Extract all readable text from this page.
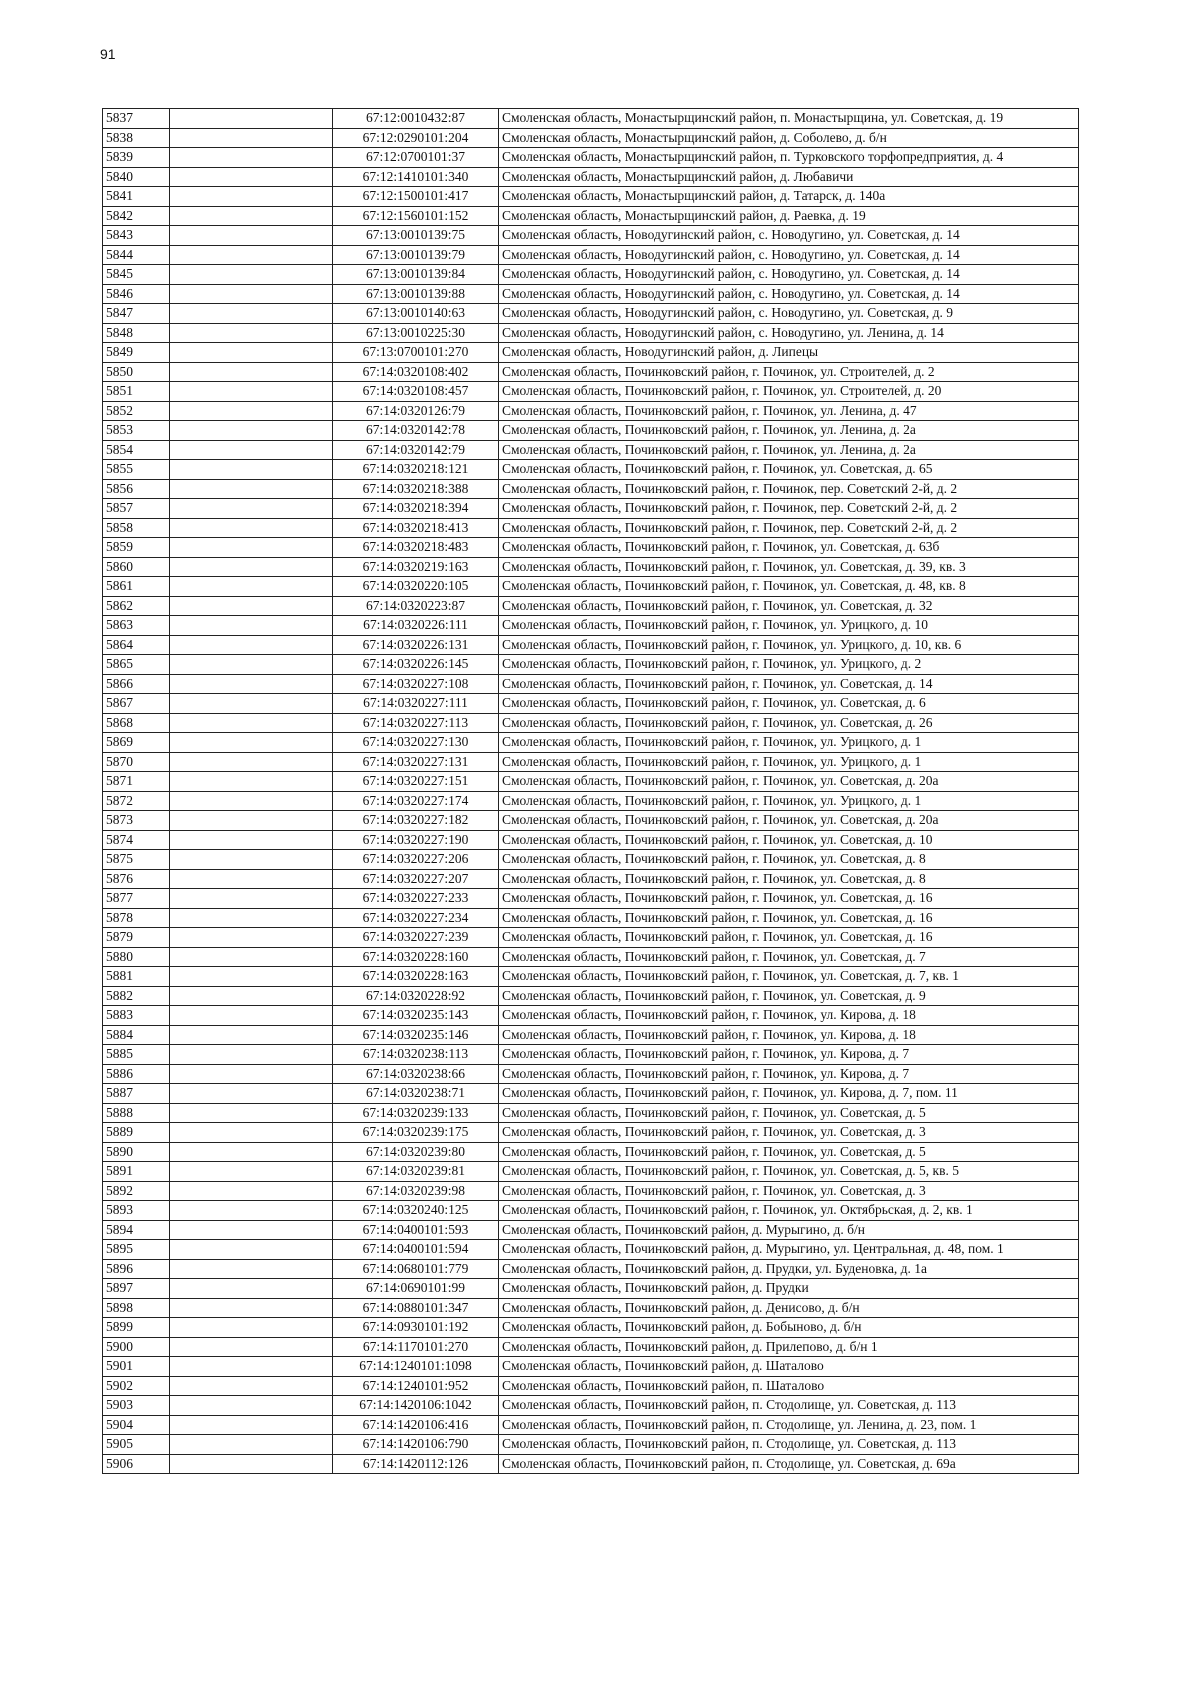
91
5837		67:12:0010432:87	Смоленская область, Монастырщинский район, п. Монастырщина, ул. Советская, д. 19
5838		67:12:0290101:204	Смоленская область, Монастырщинский район, д. Соболево, д. б/н
5839		67:12:0700101:37	Смоленская область, Монастырщинский район, п. Турковского торфопредприятия, д. 4
5840		67:12:1410101:340	Смоленская область, Монастырщинский район, д. Любавичи
5841		67:12:1500101:417	Смоленская область, Монастырщинский район, д. Татарск, д. 140а
5842		67:12:1560101:152	Смоленская область, Монастырщинский район, д. Раевка, д. 19
5843		67:13:0010139:75	Смоленская область, Новодугинский район, с. Новодугино, ул. Советская, д. 14
5844		67:13:0010139:79	Смоленская область, Новодугинский район, с. Новодугино, ул. Советская, д. 14
5845		67:13:0010139:84	Смоленская область, Новодугинский район, с. Новодугино, ул. Советская, д. 14
5846		67:13:0010139:88	Смоленская область, Новодугинский район, с. Новодугино, ул. Советская, д. 14
5847		67:13:0010140:63	Смоленская область, Новодугинский район, с. Новодугино, ул. Советская, д. 9
5848		67:13:0010225:30	Смоленская область, Новодугинский район, с. Новодугино, ул. Ленина, д. 14
5849		67:13:0700101:270	Смоленская область, Новодугинский район, д. Липецы
5850		67:14:0320108:402	Смоленская область, Починковский район, г. Починок, ул. Строителей, д. 2
5851		67:14:0320108:457	Смоленская область, Починковский район, г. Починок, ул. Строителей, д. 20
5852		67:14:0320126:79	Смоленская область, Починковский район, г. Починок, ул. Ленина, д. 47
5853		67:14:0320142:78	Смоленская область, Починковский район, г. Починок, ул. Ленина, д. 2а
5854		67:14:0320142:79	Смоленская область, Починковский район, г. Починок, ул. Ленина, д. 2а
5855		67:14:0320218:121	Смоленская область, Починковский район, г. Починок, ул. Советская, д. 65
5856		67:14:0320218:388	Смоленская область, Починковский район, г. Починок, пер. Советский 2-й, д. 2
5857		67:14:0320218:394	Смоленская область, Починковский район, г. Починок, пер. Советский 2-й, д. 2
5858		67:14:0320218:413	Смоленская область, Починковский район, г. Починок, пер. Советский 2-й, д. 2
5859		67:14:0320218:483	Смоленская область, Починковский район, г. Починок, ул. Советская, д. 63б
5860		67:14:0320219:163	Смоленская область, Починковский район, г. Починок, ул. Советская, д. 39, кв. 3
5861		67:14:0320220:105	Смоленская область, Починковский район, г. Починок, ул. Советская, д. 48, кв. 8
5862		67:14:0320223:87	Смоленская область, Починковский район, г. Починок, ул. Советская, д. 32
5863		67:14:0320226:111	Смоленская область, Починковский район, г. Починок, ул. Урицкого, д. 10
5864		67:14:0320226:131	Смоленская область, Починковский район, г. Починок, ул. Урицкого, д. 10, кв. 6
5865		67:14:0320226:145	Смоленская область, Починковский район, г. Починок, ул. Урицкого, д. 2
5866		67:14:0320227:108	Смоленская область, Починковский район, г. Починок, ул. Советская, д. 14
5867		67:14:0320227:111	Смоленская область, Починковский район, г. Починок, ул. Советская, д. 6
5868		67:14:0320227:113	Смоленская область, Починковский район, г. Починок, ул. Советская, д. 26
5869		67:14:0320227:130	Смоленская область, Починковский район, г. Починок, ул. Урицкого, д. 1
5870		67:14:0320227:131	Смоленская область, Починковский район, г. Починок, ул. Урицкого, д. 1
5871		67:14:0320227:151	Смоленская область, Починковский район, г. Починок, ул. Советская, д. 20а
5872		67:14:0320227:174	Смоленская область, Починковский район, г. Починок, ул. Урицкого, д. 1
5873		67:14:0320227:182	Смоленская область, Починковский район, г. Починок, ул. Советская, д. 20а
5874		67:14:0320227:190	Смоленская область, Починковский район, г. Починок, ул. Советская, д. 10
5875		67:14:0320227:206	Смоленская область, Починковский район, г. Починок, ул. Советская, д. 8
5876		67:14:0320227:207	Смоленская область, Починковский район, г. Починок, ул. Советская, д. 8
5877		67:14:0320227:233	Смоленская область, Починковский район, г. Починок, ул. Советская, д. 16
5878		67:14:0320227:234	Смоленская область, Починковский район, г. Починок, ул. Советская, д. 16
5879		67:14:0320227:239	Смоленская область, Починковский район, г. Починок, ул. Советская, д. 16
5880		67:14:0320228:160	Смоленская область, Починковский район, г. Починок, ул. Советская, д. 7
5881		67:14:0320228:163	Смоленская область, Починковский район, г. Починок, ул. Советская, д. 7, кв. 1
5882		67:14:0320228:92	Смоленская область, Починковский район, г. Починок, ул. Советская, д. 9
5883		67:14:0320235:143	Смоленская область, Починковский район, г. Починок, ул. Кирова, д. 18
5884		67:14:0320235:146	Смоленская область, Починковский район, г. Починок, ул. Кирова, д. 18
5885		67:14:0320238:113	Смоленская область, Починковский район, г. Починок, ул. Кирова, д. 7
5886		67:14:0320238:66	Смоленская область, Починковский район, г. Починок, ул. Кирова, д. 7
5887		67:14:0320238:71	Смоленская область, Починковский район, г. Починок, ул. Кирова, д. 7, пом. 11
5888		67:14:0320239:133	Смоленская область, Починковский район, г. Починок, ул. Советская, д. 5
5889		67:14:0320239:175	Смоленская область, Починковский район, г. Починок, ул. Советская, д. 3
5890		67:14:0320239:80	Смоленская область, Починковский район, г. Починок, ул. Советская, д. 5
5891		67:14:0320239:81	Смоленская область, Починковский район, г. Починок, ул. Советская, д. 5, кв. 5
5892		67:14:0320239:98	Смоленская область, Починковский район, г. Починок, ул. Советская, д. 3
5893		67:14:0320240:125	Смоленская область, Починковский район, г. Починок, ул. Октябрьская, д. 2, кв. 1
5894		67:14:0400101:593	Смоленская область, Починковский район, д. Мурыгино, д. б/н
5895		67:14:0400101:594	Смоленская область, Починковский район, д. Мурыгино, ул. Центральная, д. 48, пом. 1
5896		67:14:0680101:779	Смоленская область, Починковский район, д. Прудки, ул. Буденовка, д. 1а
5897		67:14:0690101:99	Смоленская область, Починковский район, д. Прудки
5898		67:14:0880101:347	Смоленская область, Починковский район, д. Денисово, д. б/н
5899		67:14:0930101:192	Смоленская область, Починковский район, д. Бобыново, д. б/н
5900		67:14:1170101:270	Смоленская область, Починковский район, д. Прилепово, д. б/н 1
5901		67:14:1240101:1098	Смоленская область, Починковский район, д. Шаталово
5902		67:14:1240101:952	Смоленская область, Починковский район, п. Шаталово
5903		67:14:1420106:1042	Смоленская область, Починковский район, п. Стодолище, ул. Советская, д. 113
5904		67:14:1420106:416	Смоленская область, Починковский район, п. Стодолище, ул. Ленина, д. 23, пом. 1
5905		67:14:1420106:790	Смоленская область, Починковский район, п. Стодолище, ул. Советская, д. 113
5906		67:14:1420112:126	Смоленская область, Починковский район, п. Стодолище, ул. Советская, д. 69а
